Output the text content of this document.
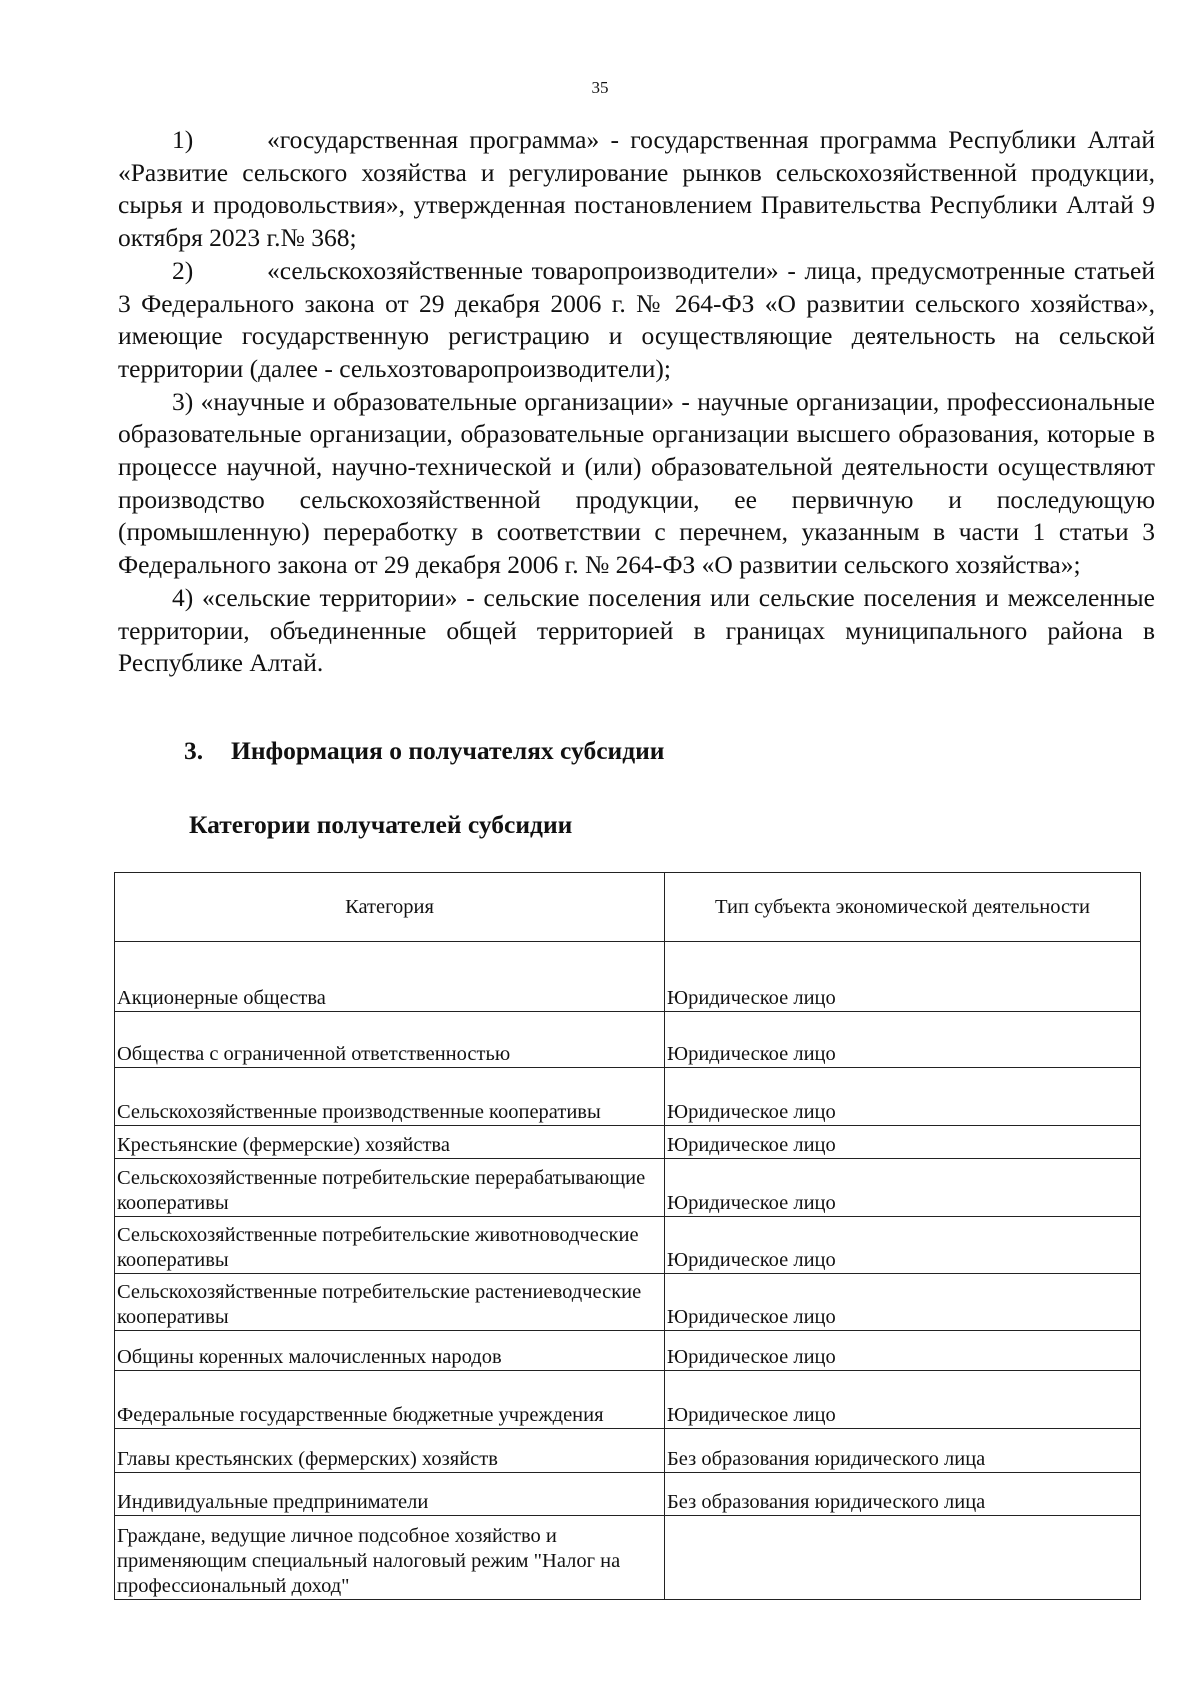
35

1)	«государственная программа» - государственная программа Республики Алтай «Развитие сельского хозяйства и регулирование рынков сельскохозяйственной продукции, сырья и продовольствия», утвержденная постановлением Правительства Республики Алтай 9 октября 2023 г.№ 368;

2)	«сельскохозяйственные товаропроизводители» - лица, предусмотренные статьей 3 Федерального закона от 29 декабря 2006 г. № 264-ФЗ «О развитии сельского хозяйства», имеющие государственную регистрацию и осуществляющие деятельность на сельской территории (далее - сельхозтоваропроизводители);

3) «научные и образовательные организации» - научные организации, профессиональные образовательные организации, образовательные организации высшего образования, которые в процессе научной, научно-технической и (или) образовательной деятельности осуществляют производство сельскохозяйственной продукции, ее первичную и последующую (промышленную) переработку в соответствии с перечнем, указанным в части 1 статьи 3 Федерального закона от 29 декабря 2006 г. № 264-ФЗ «О развитии сельского хозяйства»;

4) «сельские территории» - сельские поселения или сельские поселения и межселенные территории, объединенные общей территорией в границах муниципального района в Республике Алтай.

3. Информация о получателях субсидии
Категории получателей субсидии
Категория	Тип субъекта экономической деятельности
Акционерные общества	Юридическое лицо
Общества с ограниченной ответственностью	Юридическое лицо
Сельскохозяйственные производственные кооперативы	Юридическое лицо
Крестьянские (фермерские) хозяйства	Юридическое лицо
Сельскохозяйственные потребительские перерабатывающие кооперативы	Юридическое лицо
Сельскохозяйственные потребительские животноводческие кооперативы	Юридическое лицо
Сельскохозяйственные потребительские растениеводческие кооперативы	Юридическое лицо
Общины коренных малочисленных народов	Юридическое лицо
Федеральные государственные бюджетные учреждения	Юридическое лицо
Главы крестьянских (фермерских) хозяйств	Без образования юридического лица
Индивидуальные предприниматели	Без образования юридического лица
Граждане, ведущие личное подсобное хозяйство и применяющим специальный налоговый режим "Налог на профессиональный доход"	
